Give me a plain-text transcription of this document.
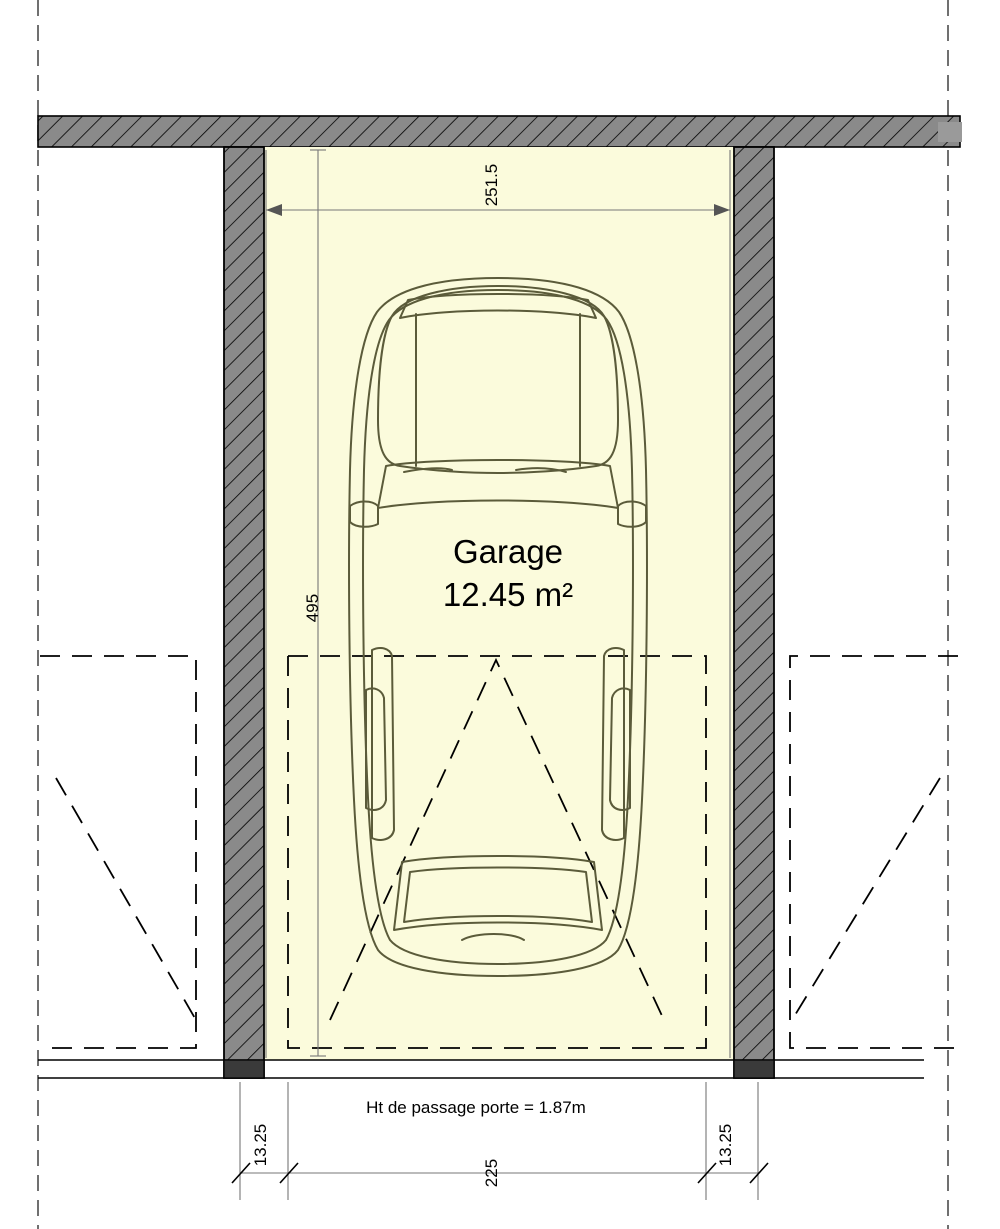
251.5
495
Garage
12.45 m²
Ht de passage porte = 1.87m
13.25	13.25
225
